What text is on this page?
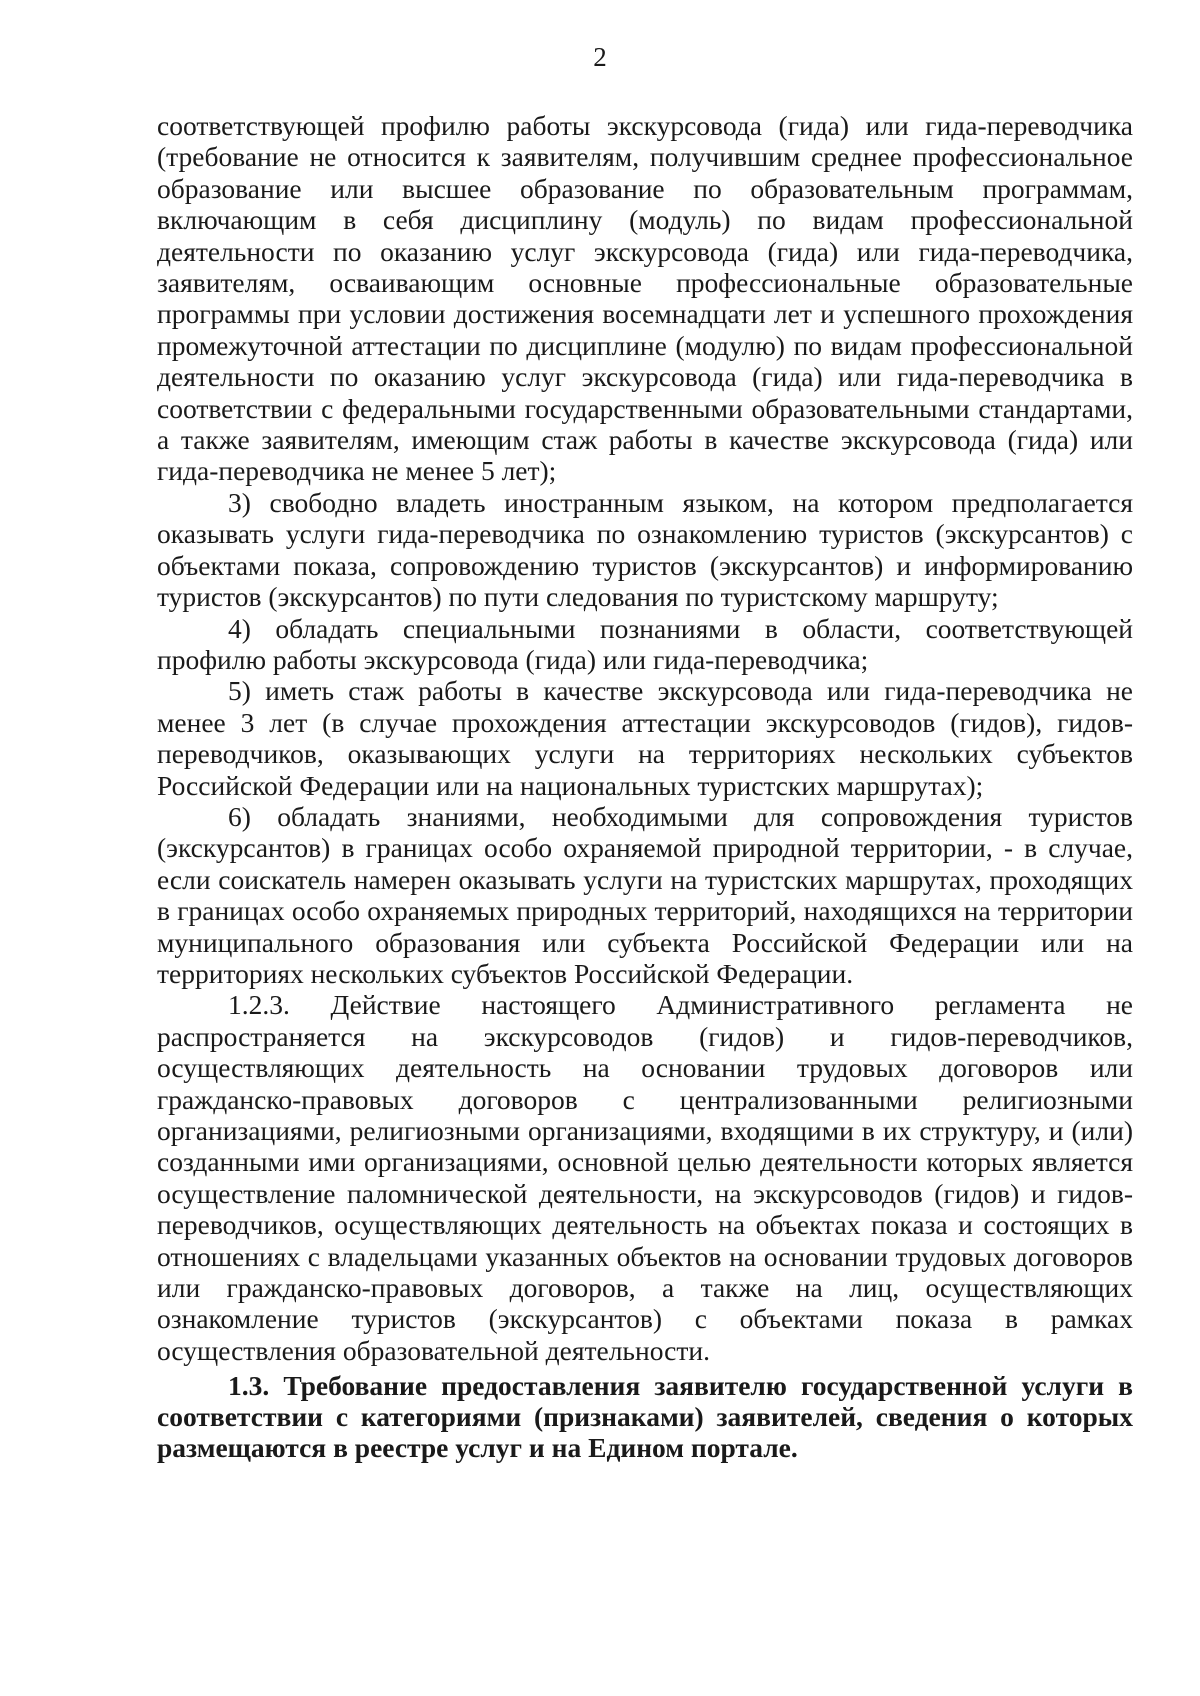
2

соответствующей профилю работы экскурсовода (гида) или гида-переводчика (требование не относится к заявителям, получившим среднее профессиональное образование или высшее образование по образовательным программам, включающим в себя дисциплину (модуль) по видам профессиональной деятельности по оказанию услуг экскурсовода (гида) или гида-переводчика, заявителям, осваивающим основные профессиональные образовательные программы при условии достижения восемнадцати лет и успешного прохождения промежуточной аттестации по дисциплине (модулю) по видам профессиональной деятельности по оказанию услуг экскурсовода (гида) или гида-переводчика в соответствии с федеральными государственными образовательными стандартами, а также заявителям, имеющим стаж работы в качестве экскурсовода (гида) или гида-переводчика не менее 5 лет);

3) свободно владеть иностранным языком, на котором предполагается оказывать услуги гида-переводчика по ознакомлению туристов (экскурсантов) с объектами показа, сопровождению туристов (экскурсантов) и информированию туристов (экскурсантов) по пути следования по туристскому маршруту;

4) обладать специальными познаниями в области, соответствующей профилю работы экскурсовода (гида) или гида-переводчика;

5) иметь стаж работы в качестве экскурсовода или гида-переводчика не менее 3 лет (в случае прохождения аттестации экскурсоводов (гидов), гидов-переводчиков, оказывающих услуги на территориях нескольких субъектов Российской Федерации или на национальных туристских маршрутах);

6) обладать знаниями, необходимыми для сопровождения туристов (экскурсантов) в границах особо охраняемой природной территории, - в случае, если соискатель намерен оказывать услуги на туристских маршрутах, проходящих в границах особо охраняемых природных территорий, находящихся на территории муниципального образования или субъекта Российской Федерации или на территориях нескольких субъектов Российской Федерации.

1.2.3. Действие настоящего Административного регламента не распространяется на экскурсоводов (гидов) и гидов-переводчиков, осуществляющих деятельность на основании трудовых договоров или гражданско-правовых договоров с централизованными религиозными организациями, религиозными организациями, входящими в их структуру, и (или) созданными ими организациями, основной целью деятельности которых является осуществление паломнической деятельности, на экскурсоводов (гидов) и гидов-переводчиков, осуществляющих деятельность на объектах показа и состоящих в отношениях с владельцами указанных объектов на основании трудовых договоров или гражданско-правовых договоров, а также на лиц, осуществляющих ознакомление туристов (экскурсантов) с объектами показа в рамках осуществления образовательной деятельности.

1.3. Требование предоставления заявителю государственной услуги в соответствии с категориями (признаками) заявителей, сведения о которых размещаются в реестре услуг и на Едином портале.
